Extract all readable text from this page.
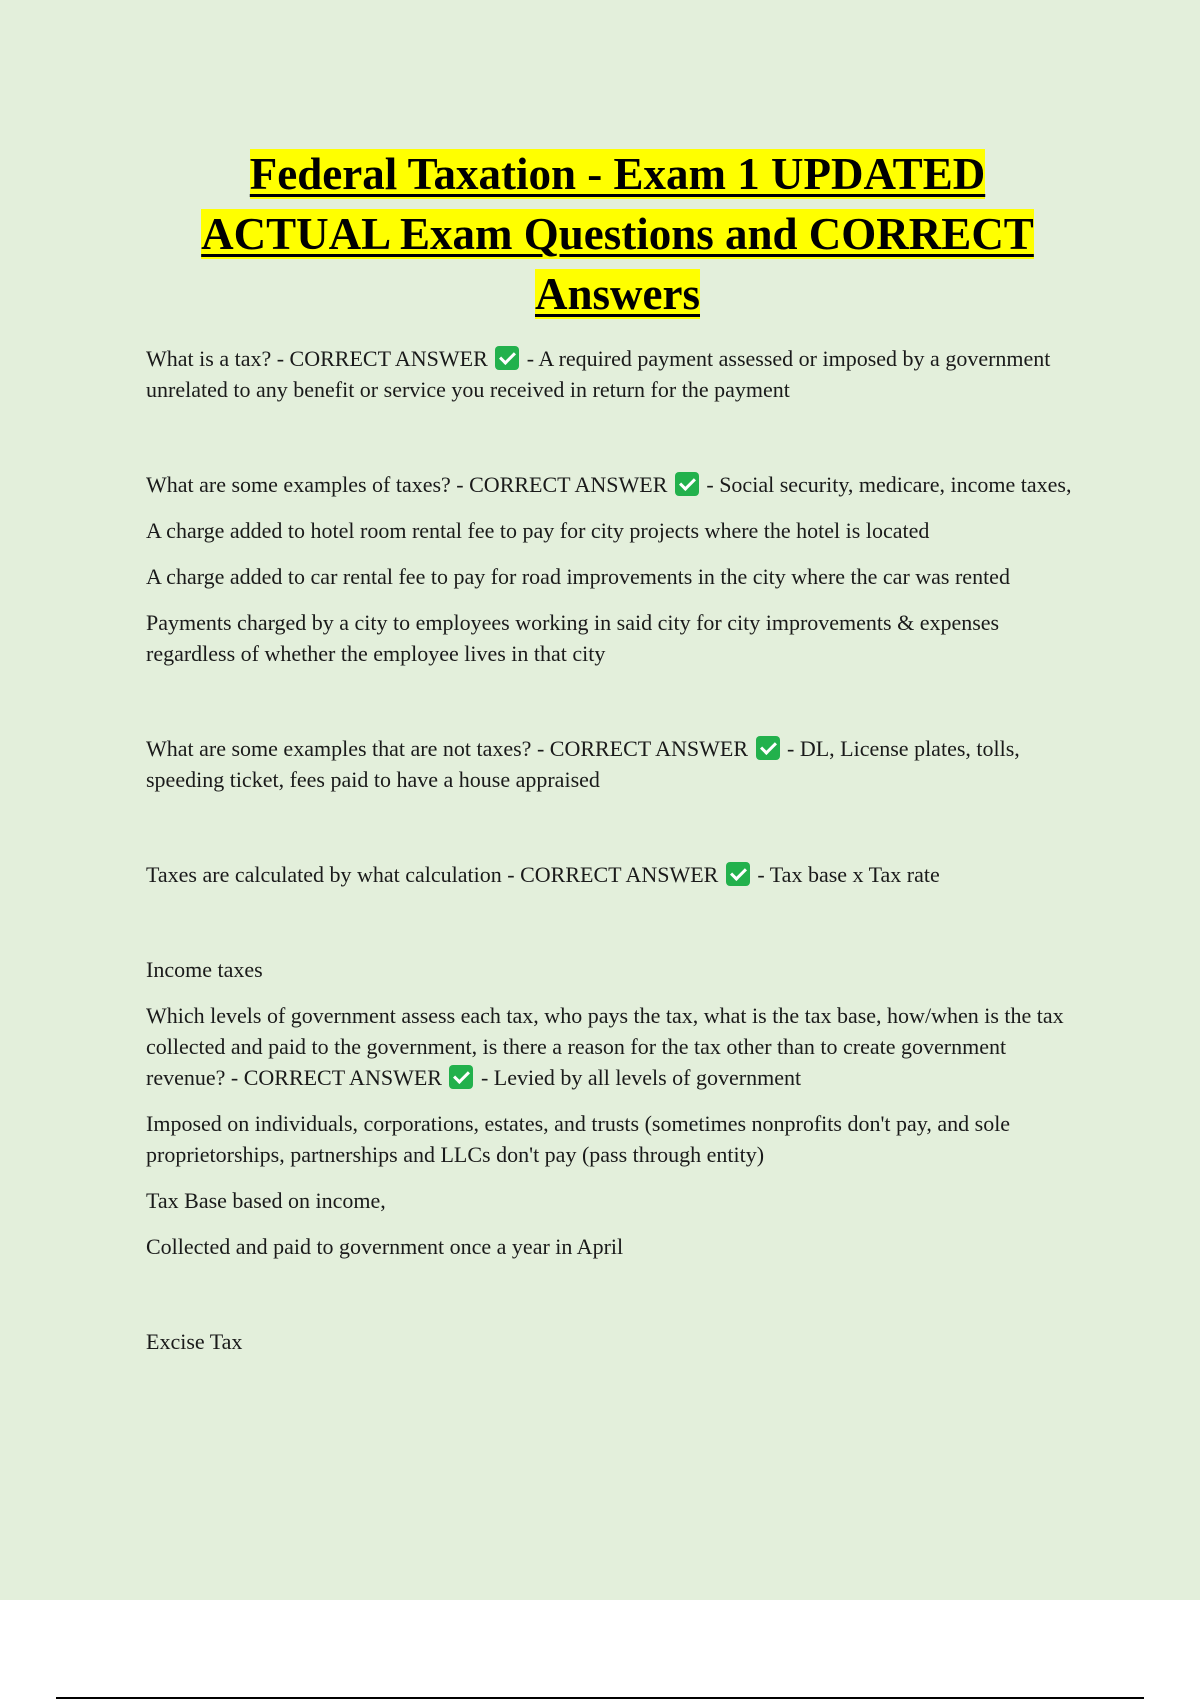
Federal Taxation - Exam 1 UPDATED
ACTUAL Exam Questions and CORRECT
Answers

What is a tax? - CORRECT ANSWER - A required payment assessed or imposed by a government unrelated to any benefit or service you received in return for the payment

What are some examples of taxes? - CORRECT ANSWER - Social security, medicare, income taxes,

A charge added to hotel room rental fee to pay for city projects where the hotel is located

A charge added to car rental fee to pay for road improvements in the city where the car was rented

Payments charged by a city to employees working in said city for city improvements & expenses regardless of whether the employee lives in that city

What are some examples that are not taxes? - CORRECT ANSWER - DL, License plates, tolls, speeding ticket, fees paid to have a house appraised

Taxes are calculated by what calculation - CORRECT ANSWER - Tax base x Tax rate

Income taxes

Which levels of government assess each tax, who pays the tax, what is the tax base, how/when is the tax collected and paid to the government, is there a reason for the tax other than to create government revenue? - CORRECT ANSWER - Levied by all levels of government

Imposed on individuals, corporations, estates, and trusts (sometimes nonprofits don't pay, and sole proprietorships, partnerships and LLCs don't pay (pass through entity)

Tax Base based on income,

Collected and paid to government once a year in April

Excise Tax
